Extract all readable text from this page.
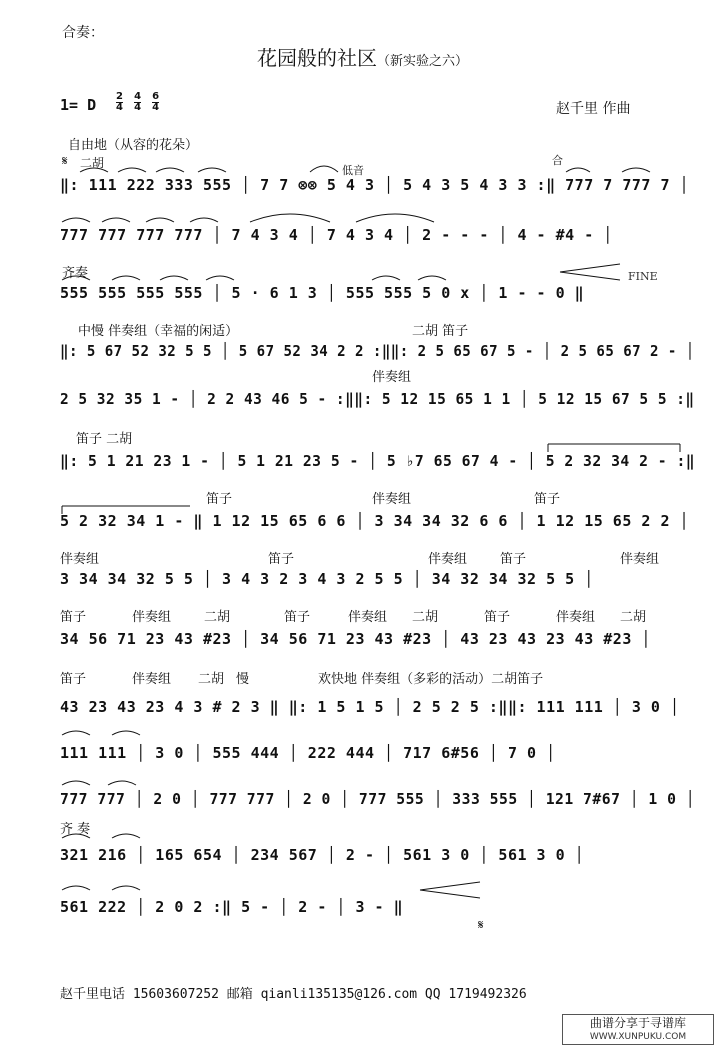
合奏：
花园般的社区（新实验之六）
1= D $\frac{2}{4}$
$\frac{4}{4}$
$\frac{6}{4}$	赵千里 作曲
自由地（从容的花朵）
𝄋 二胡
低音
合
齐奏	FINE
中慢 伴奏组（幸福的闲适）	二胡 笛子
伴奏组
笛子 二胡
笛子	伴奏组	笛子
伴奏组	笛子	伴奏组	笛子	伴奏组
笛子	伴奏组	二胡	笛子	伴奏组 二胡	笛子	伴奏组 二胡
笛子	伴奏组 二胡 慢	欢快地 伴奏组（多彩的活动）二胡笛子
齐 奏
𝄋
‖: 111 222 333 555 │ 7 7 ⊗⊗ 5 4 3 │ 5 4 3 5 4 3 3 :‖ 777 7 777 7 │
777 777 777 777 │ 7 4 3 4 │ 7 4 3 4 │ 2 - - - │ 4 - #4 - │
555 555 555 555 │ 5 · 6 1 3 │ 555 555 5 0 x │ 1 - - 0 ‖
‖: 5 67 52 32 5 5 │ 5 67 52 34 2 2 :‖‖: 2 5 65 67 5 - │ 2 5 65 67 2 - │
2 5 32 35 1 - │ 2 2 43 46 5 - :‖‖: 5 12 15 65 1 1 │ 5 12 15 67 5 5 :‖
‖: 5 1 21 23 1 - │ 5 1 21 23 5 - │ 5 ♭7 65 67 4 - │ 5 2 32 34 2 - :‖
5 2 32 34 1 - ‖ 1 12 15 65 6 6 │ 3 34 34 32 6 6 │ 1 12 15 65 2 2 │
3 34 34 32 5 5 │ 3 4 3 2 3 4 3 2 5 5 │ 34 32 34 32 5 5 │
34 56 71 23 43 #23 │ 34 56 71 23 43 #23 │ 43 23 43 23 43 #23 │
43 23 43 23 4 3 # 2 3 ‖ ‖: 1 5 1 5 │ 2 5 2 5 :‖‖: 111 111 │ 3 0 │
111 111 │ 3 0 │ 555 444 │ 222 444 │ 717 6#56 │ 7 0 │
777 777 │ 2 0 │ 777 777 │ 2 0 │ 777 555 │ 333 555 │ 121 7#67 │ 1 0 │
321 216 │ 165 654 │ 234 567 │ 2 - │ 561 3 0 │ 561 3 0 │
561 222 │ 2 0 2 :‖ 5 - │ 2 - │ 3 - ‖
赵千里电话 15603607252 邮箱 qianli135135@126.com QQ 1719492326
曲谱分享于寻谱库
WWW.XUNPUKU.COM
